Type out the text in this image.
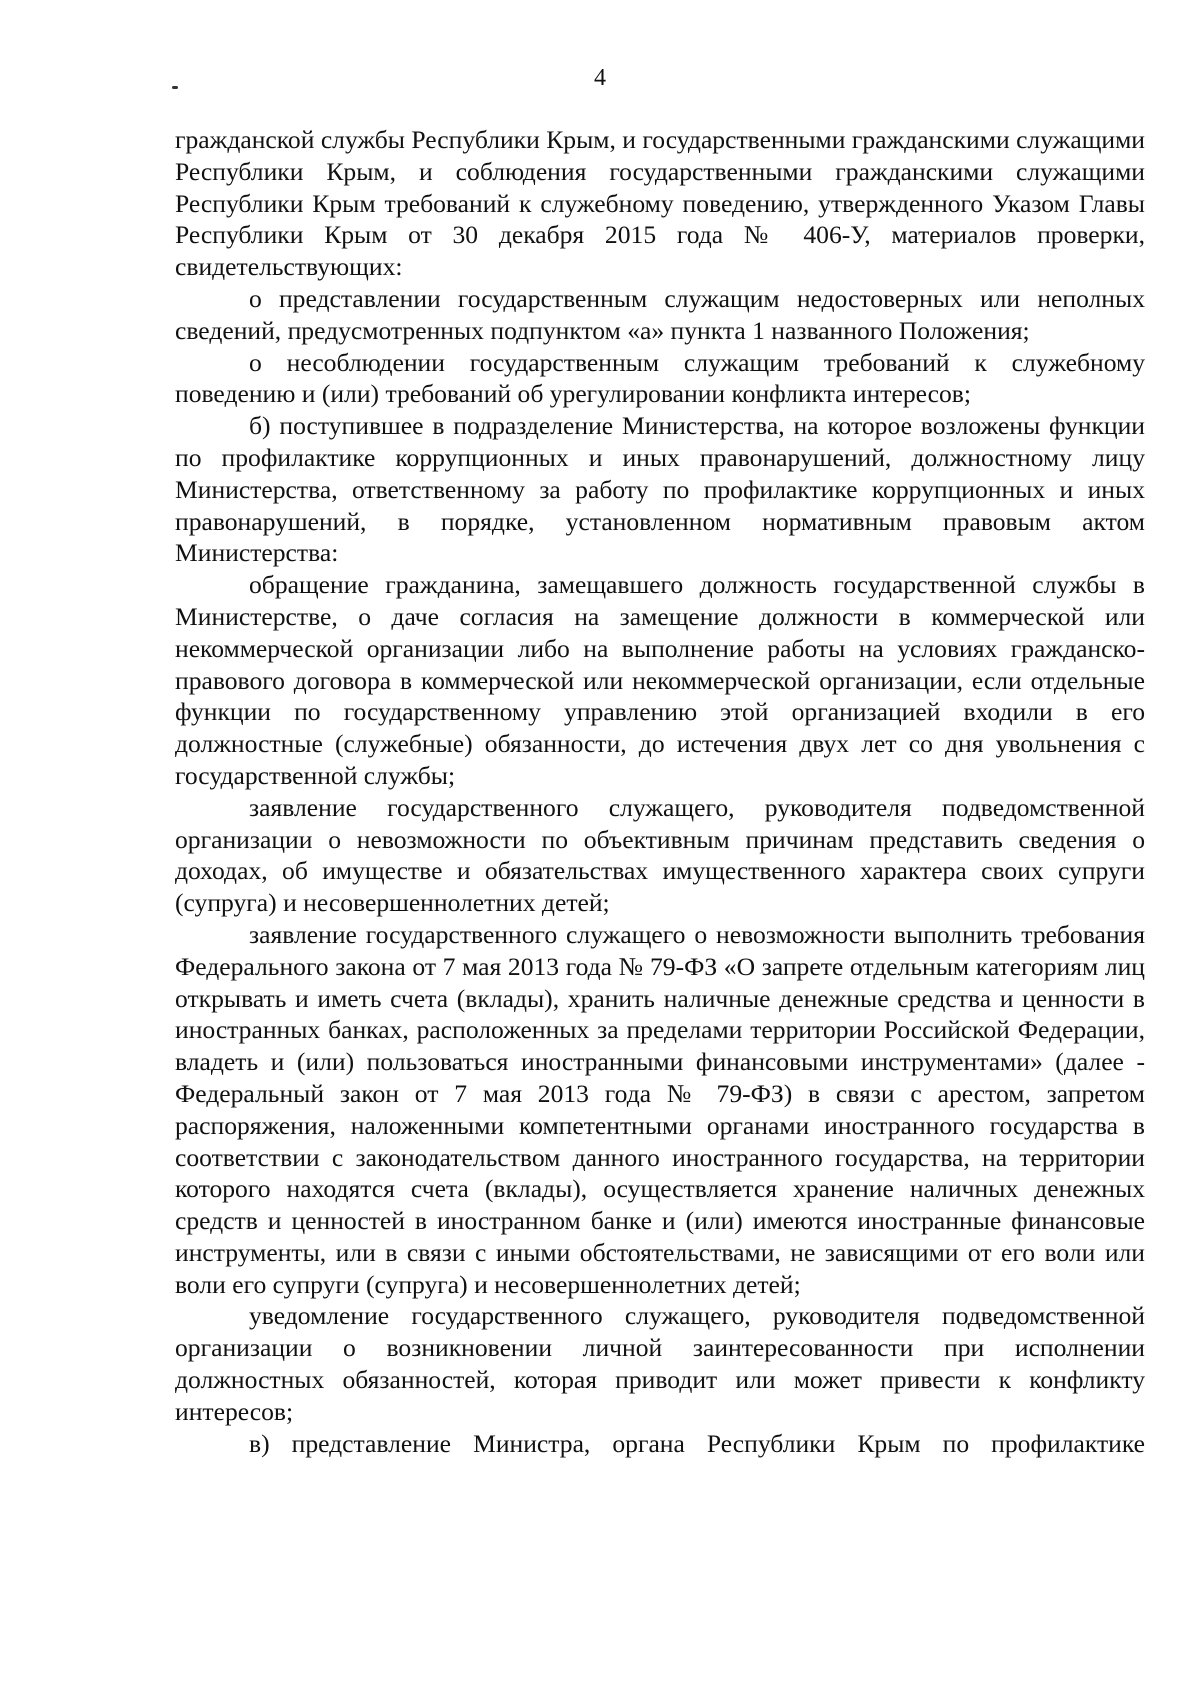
4

гражданской службы Республики Крым, и государственными гражданскими служащими Республики Крым, и соблюдения государственными гражданскими служащими Республики Крым требований к служебному поведению, утвержденного Указом Главы Республики Крым от 30 декабря 2015 года № 406-У, материалов проверки, свидетельствующих:

о представлении государственным служащим недостоверных или неполных сведений, предусмотренных подпунктом «а» пункта 1 названного Положения;

о несоблюдении государственным служащим требований к служебному поведению и (или) требований об урегулировании конфликта интересов;

б) поступившее в подразделение Министерства, на которое возложены функции по профилактике коррупционных и иных правонарушений, должностному лицу Министерства, ответственному за работу по профилактике коррупционных и иных правонарушений, в порядке, установленном нормативным правовым актом Министерства:

обращение гражданина, замещавшего должность государственной службы в Министерстве, о даче согласия на замещение должности в коммерческой или некоммерческой организации либо на выполнение работы на условиях гражданско-правового договора в коммерческой или некоммерческой организации, если отдельные функции по государственному управлению этой организацией входили в его должностные (служебные) обязанности, до истечения двух лет со дня увольнения с государственной службы;

заявление государственного служащего, руководителя подведомственной организации о невозможности по объективным причинам представить сведения о доходах, об имуществе и обязательствах имущественного характера своих супруги (супруга) и несовершеннолетних детей;

заявление государственного служащего о невозможности выполнить требования Федерального закона от 7 мая 2013 года № 79-ФЗ «О запрете отдельным категориям лиц открывать и иметь счета (вклады), хранить наличные денежные средства и ценности в иностранных банках, расположенных за пределами территории Российской Федерации, владеть и (или) пользоваться иностранными финансовыми инструментами» (далее - Федеральный закон от 7 мая 2013 года № 79-ФЗ) в связи с арестом, запретом распоряжения, наложенными компетентными органами иностранного государства в соответствии с законодательством данного иностранного государства, на территории которого находятся счета (вклады), осуществляется хранение наличных денежных средств и ценностей в иностранном банке и (или) имеются иностранные финансовые инструменты, или в связи с иными обстоятельствами, не зависящими от его воли или воли его супруги (супруга) и несовершеннолетних детей;

уведомление государственного служащего, руководителя подведомственной организации о возникновении личной заинтересованности при исполнении должностных обязанностей, которая приводит или может привести к конфликту интересов;

в) представление Министра, органа Республики Крым по профилактике
